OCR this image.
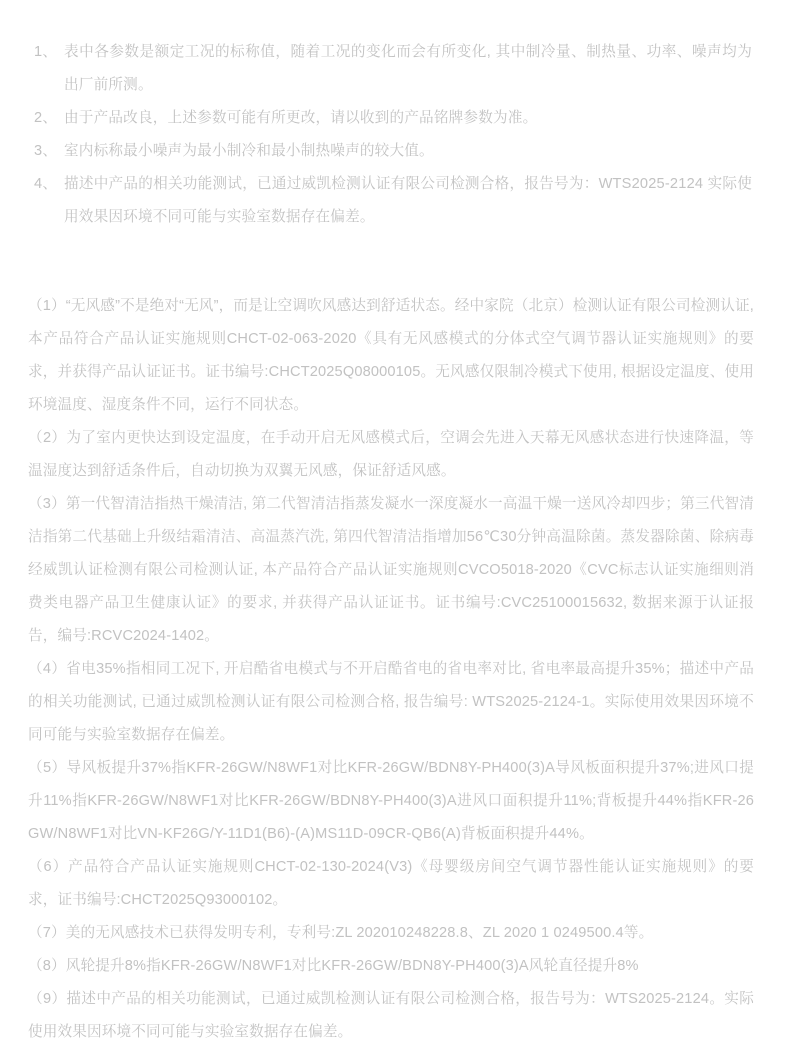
1、 表中各参数是额定工况的标称值，随着工况的变化而会有所变化, 其中制冷量、制热量、功率、噪声均为出厂前所测。

2、 由于产品改良，上述参数可能有所更改，请以收到的产品铭牌参数为准。

3、 室内标称最小噪声为最小制冷和最小制热噪声的较大值。

4、 描述中产品的相关功能测试，已通过威凯检测认证有限公司检测合格，报告号为：WTS2025-2124 实际使用效果因环境不同可能与实验室数据存在偏差。

（1）“无风感”不是绝对“无风”，而是让空调吹风感达到舒适状态。经中家院（北京）检测认证有限公司检测认证, 本产品符合产品认证实施规则CHCT-02-063-2020《具有无风感模式的分体式空气调节器认证实施规则》的要求，并获得产品认证证书。证书编号:CHCT2025Q08000105。无风感仅限制冷模式下使用, 根据设定温度、使用环境温度、湿度条件不同，运行不同状态。

（2）为了室内更快达到设定温度，在手动开启无风感模式后，空调会先进入天幕无风感状态进行快速降温，等温湿度达到舒适条件后，自动切换为双翼无风感，保证舒适风感。

（3）第一代智清洁指热干燥清洁, 第二代智清洁指蒸发凝水一深度凝水一高温干燥一送风冷却四步；第三代智清洁指第二代基础上升级结霜清洁、高温蒸汽洗, 第四代智清洁指增加56℃30分钟高温除菌。蒸发器除菌、除病毒经威凯认证检测有限公司检测认证, 本产品符合产品认证实施规则CVCO5018-2020《CVC标志认证实施细则消费类电器产品卫生健康认证》的要求, 并获得产品认证证书。证书编号:CVC25100015632, 数据来源于认证报告，编号:RCVC2024-1402。

（4）省电35%指相同工况下, 开启酷省电模式与不开启酷省电的省电率对比, 省电率最高提升35%；描述中产品的相关功能测试, 已通过威凯检测认证有限公司检测合格, 报告编号: WTS2025-2124-1。实际使用效果因环境不同可能与实验室数据存在偏差。

（5）导风板提升37%指KFR-26GW/N8WF1对比KFR-26GW/BDN8Y-PH400(3)A导风板面积提升37%;进风口提升11%指KFR-26GW/N8WF1对比KFR-26GW/BDN8Y-PH400(3)A进风口面积提升11%;背板提升44%指KFR-26GW/N8WF1对比VN-KF26G/Y-11D1(B6)-(A)MS11D-09CR-QB6(A)背板面积提升44%。

（6）产品符合产品认证实施规则CHCT-02-130-2024(V3)《母婴级房间空气调节器性能认证实施规则》的要求，证书编号:CHCT2025Q93000102。

（7）美的无风感技术已获得发明专利，专利号:ZL 202010248228.8、ZL 2020 1 0249500.4等。

（8）风轮提升8%指KFR-26GW/N8WF1对比KFR-26GW/BDN8Y-PH400(3)A风轮直径提升8%

（9）描述中产品的相关功能测试，已通过威凯检测认证有限公司检测合格，报告号为：WTS2025-2124。实际使用效果因环境不同可能与实验室数据存在偏差。
